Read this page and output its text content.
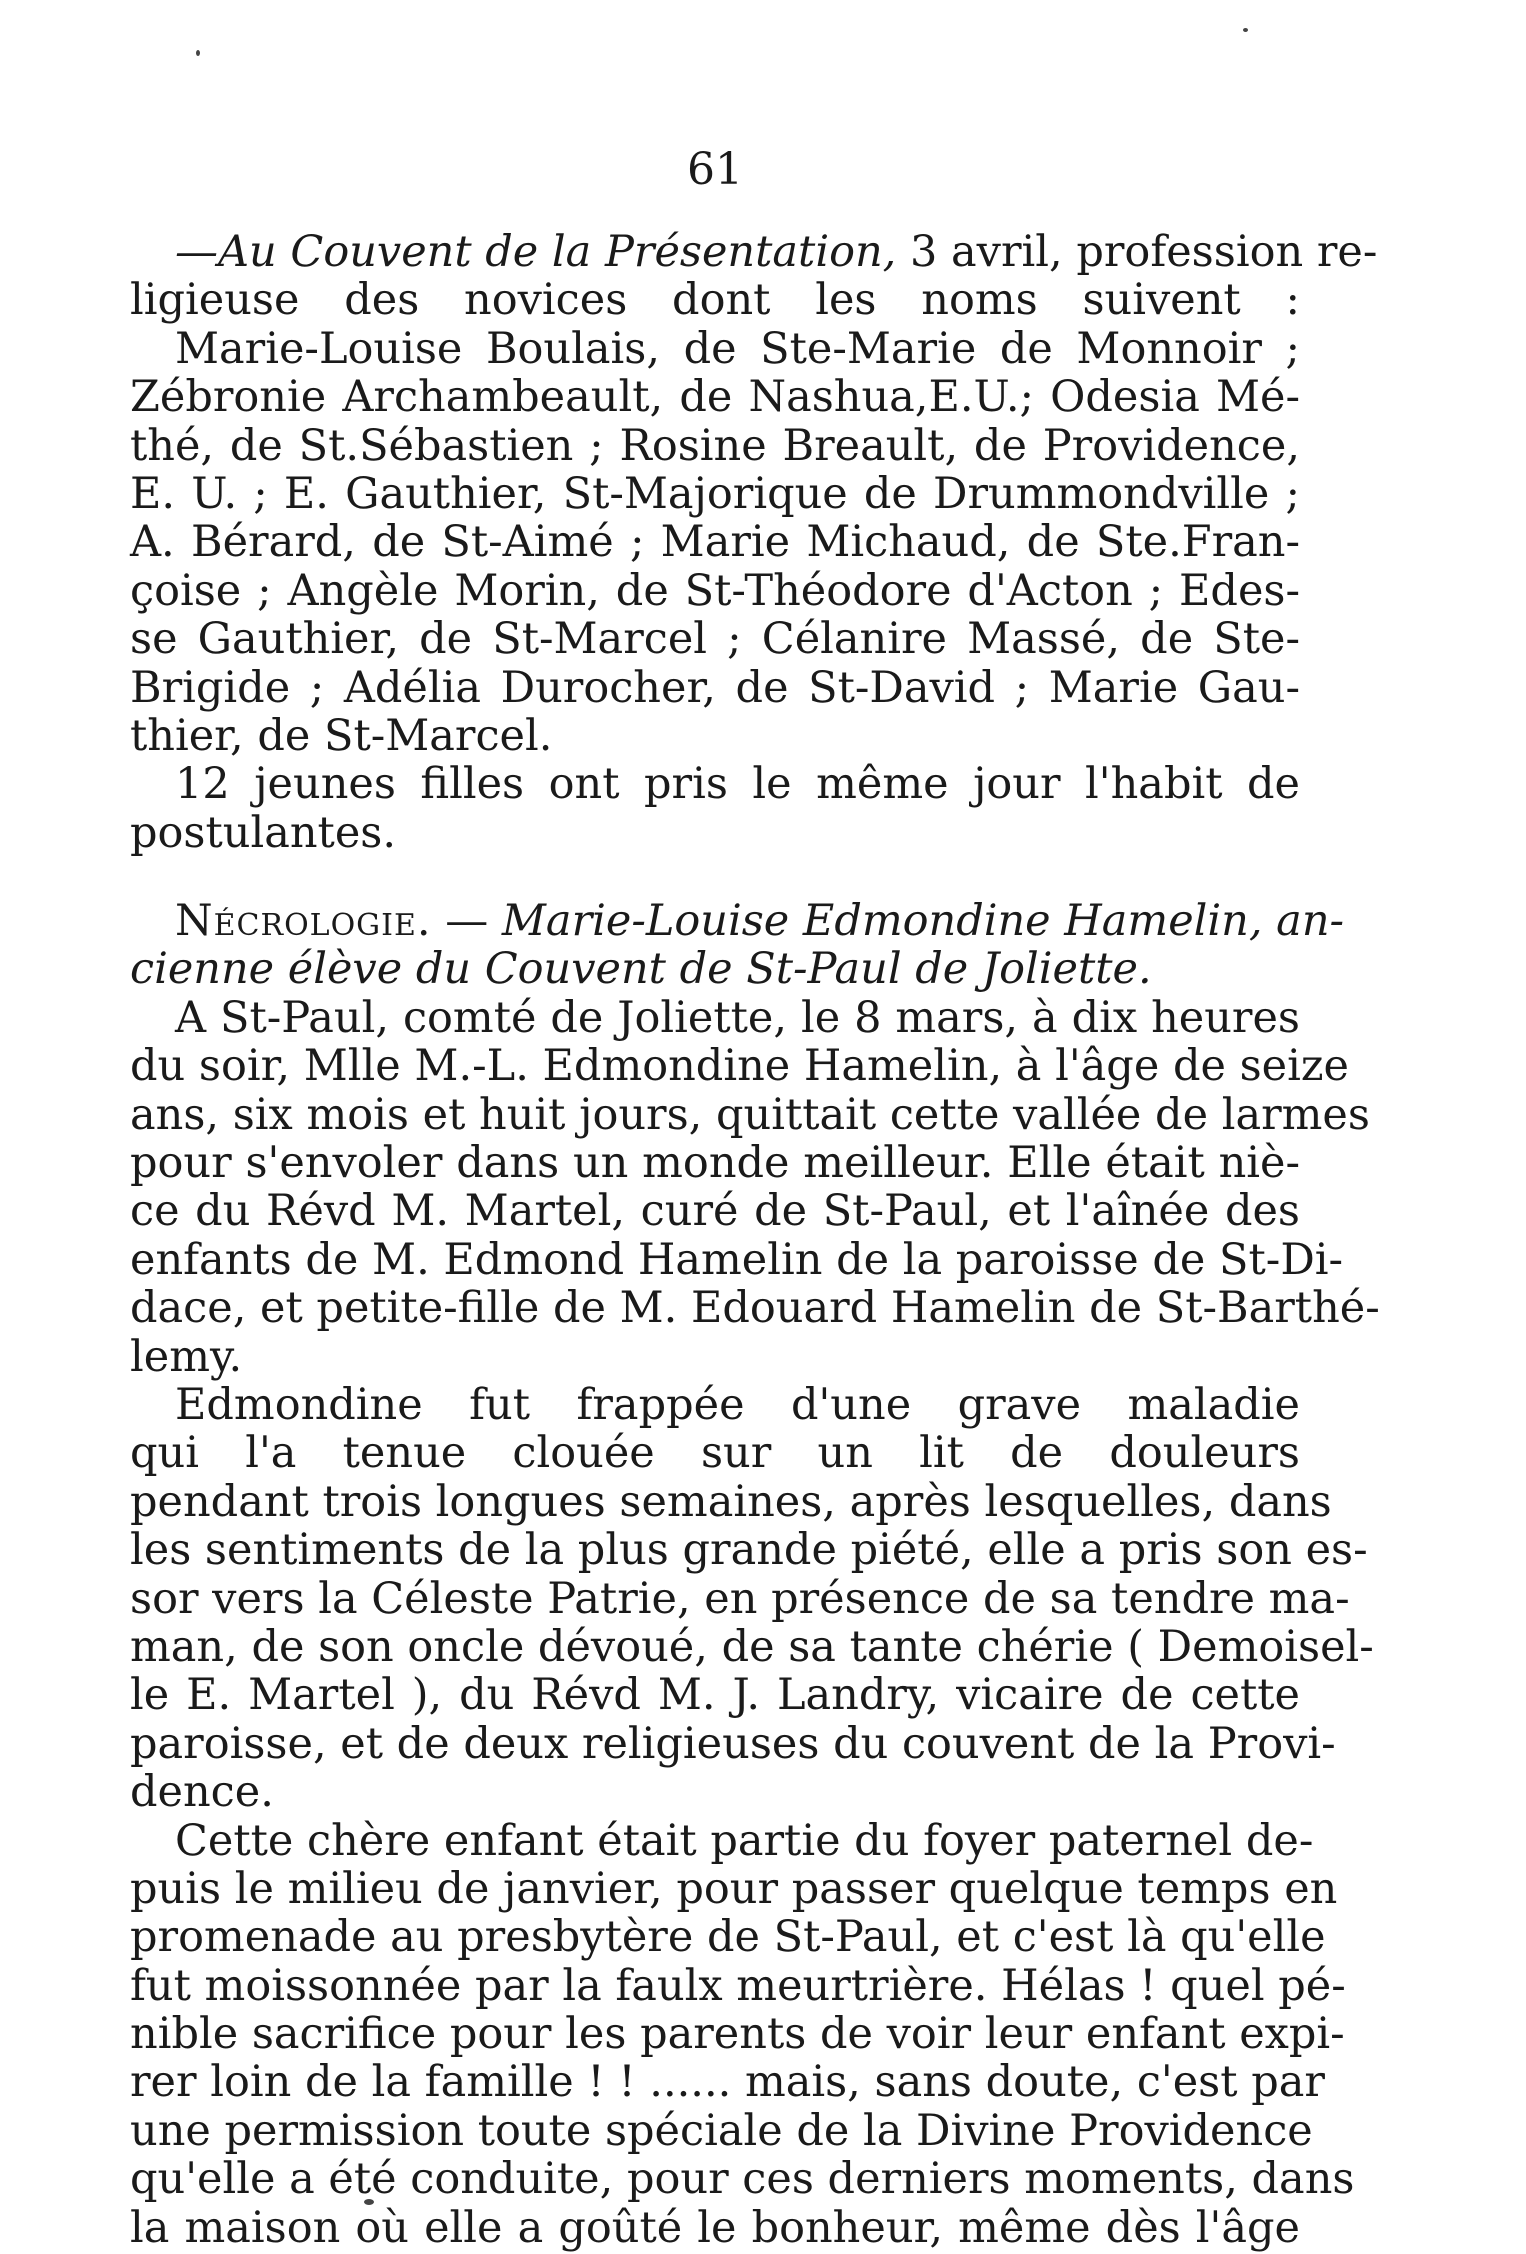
61
—Au Couvent de la Présentation, 3 avril, profession re-
ligieuse des novices dont les noms suivent :
Marie-Louise Boulais, de Ste-Marie de Monnoir ;
Zébronie Archambeault, de Nashua,E.U.; Odesia Mé-
thé, de St.Sébastien ; Rosine Breault, de Providence,
E. U. ; E. Gauthier, St-Majorique de Drummondville ;
A. Bérard, de St-Aimé ; Marie Michaud, de Ste.Fran-
çoise ; Angèle Morin, de St-Théodore d'Acton ; Edes-
se Gauthier, de St-Marcel ; Célanire Massé, de Ste-
Brigide ; Adélia Durocher, de St-David ; Marie Gau-
thier, de St-Marcel.
12 jeunes filles ont pris le même jour l'habit de
postulantes.
Nécrologie. — Marie-Louise Edmondine Hamelin, an-
cienne élève du Couvent de St-Paul de Joliette.
A St-Paul, comté de Joliette, le 8 mars, à dix heures
du soir, Mlle M.-L. Edmondine Hamelin, à l'âge de seize
ans, six mois et huit jours, quittait cette vallée de larmes
pour s'envoler dans un monde meilleur. Elle était niè-
ce du Révd M. Martel, curé de St-Paul, et l'aînée des
enfants de M. Edmond Hamelin de la paroisse de St-Di-
dace, et petite-fille de M. Edouard Hamelin de St-Barthé-
lemy.
Edmondine fut frappée d'une grave maladie
qui l'a tenue clouée sur un lit de douleurs
pendant trois longues semaines, après lesquelles, dans
les sentiments de la plus grande piété, elle a pris son es-
sor vers la Céleste Patrie, en présence de sa tendre ma-
man, de son oncle dévoué, de sa tante chérie ( Demoisel-
le E. Martel ), du Révd M. J. Landry, vicaire de cette
paroisse, et de deux religieuses du couvent de la Provi-
dence.
Cette chère enfant était partie du foyer paternel de-
puis le milieu de janvier, pour passer quelque temps en
promenade au presbytère de St-Paul, et c'est là qu'elle
fut moissonnée par la faulx meurtrière. Hélas ! quel pé-
nible sacrifice pour les parents de voir leur enfant expi-
rer loin de la famille ! ! ...... mais, sans doute, c'est par
une permission toute spéciale de la Divine Providence
qu'elle a été conduite, pour ces derniers moments, dans
la maison où elle a goûté le bonheur, même dès l'âge
